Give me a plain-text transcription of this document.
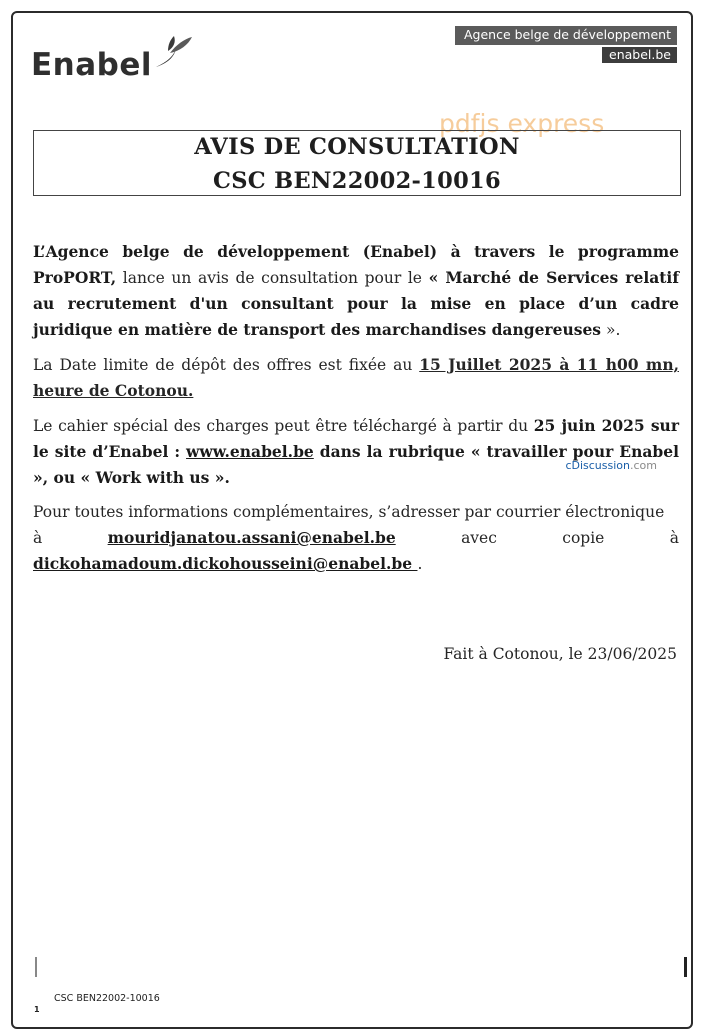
Enabel
Agence belge de développement
enabel.be
pdfjs express
AVIS DE CONSULTATION
CSC BEN22002-10016

L’Agence belge de développement (Enabel) à travers le programme ProPORT, lance un avis de consultation pour le « Marché de Services relatif au recrutement d'un consultant pour la mise en place d’un cadre juridique en matière de transport des marchandises dangereuses ».

La Date limite de dépôt des offres est fixée au 15 Juillet 2025 à 11 h00 mn, heure de Cotonou.

Le cahier spécial des charges peut être téléchargé à partir du 25 juin 2025 sur le site d’Enabel : www.enabel.be dans la rubrique « travailler pour Enabel », ou « Work with us ».

Pour toutes informations complémentaires, s’adresser par courrier électronique

à	mouridjanatou.assani@enabel.be	avec	copie	à
dickohamadoum.dickohousseini@enabel.be .
cDiscussion.com
Fait à Cotonou, le 23/06/2025
CSC BEN22002-10016
1
